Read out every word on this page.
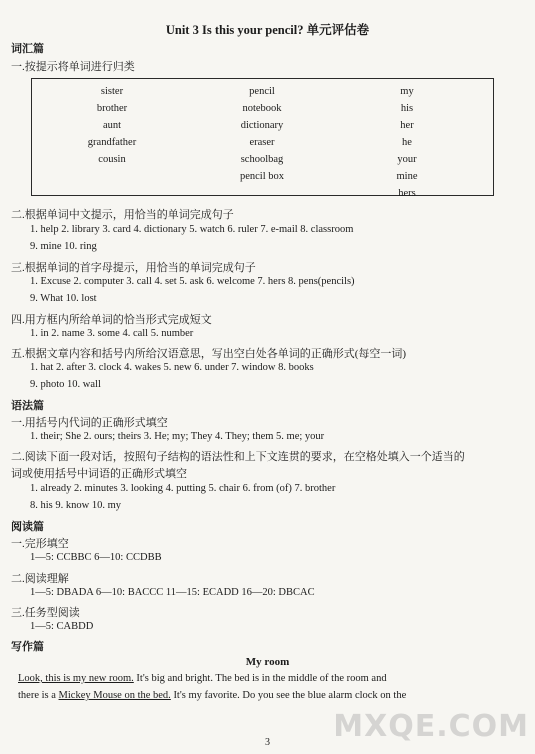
Unit 3 Is this your pencil? 单元评估卷
词汇篇
一.按提示将单词进行归类
sister
brother
aunt
grandfather
cousin
pencil
notebook
dictionary
eraser
schoolbag
pencil box
my
his
her
he
your
mine
hers
二.根据单词中文提示，用恰当的单词完成句子
1. help 2. library 3. card 4. dictionary 5. watch 6. ruler 7. e-mail 8. classroom
9. mine 10. ring
三.根据单词的首字母提示，用恰当的单词完成句子
1. Excuse 2. computer 3. call 4. set 5. ask 6. welcome 7. hers 8. pens(pencils)
9. What 10. lost
四.用方框内所给单词的恰当形式完成短文
1. in 2. name 3. some 4. call 5. number
五.根据文章内容和括号内所给汉语意思，写出空白处各单词的正确形式(每空一词)
1. hat 2. after 3. clock 4. wakes 5. new 6. under 7. window 8. books
9. photo 10. wall
语法篇
一.用括号内代词的正确形式填空
1. their; She 2. ours; theirs 3. He; my; They 4. They; them 5. me; your
二.阅读下面一段对话，按照句子结构的语法性和上下文连贯的要求，在空格处填入一个适当的
词或使用括号中词语的正确形式填空
1. already 2. minutes 3. looking 4. putting 5. chair 6. from (of) 7. brother
8. his 9. know 10. my
阅读篇
一.完形填空
1—5: CCBBC 6—10: CCDBB
二.阅读理解
1—5: DBADA 6—10: BACCC 11—15: ECADD 16—20: DBCAC
三.任务型阅读
1—5: CABDD
写作篇
My room
Look, this is my new room. It's big and bright. The bed is in the middle of the room and
there is a Mickey Mouse on the bed. It's my favorite. Do you see the blue alarm clock on the
3	MXQE.COM
